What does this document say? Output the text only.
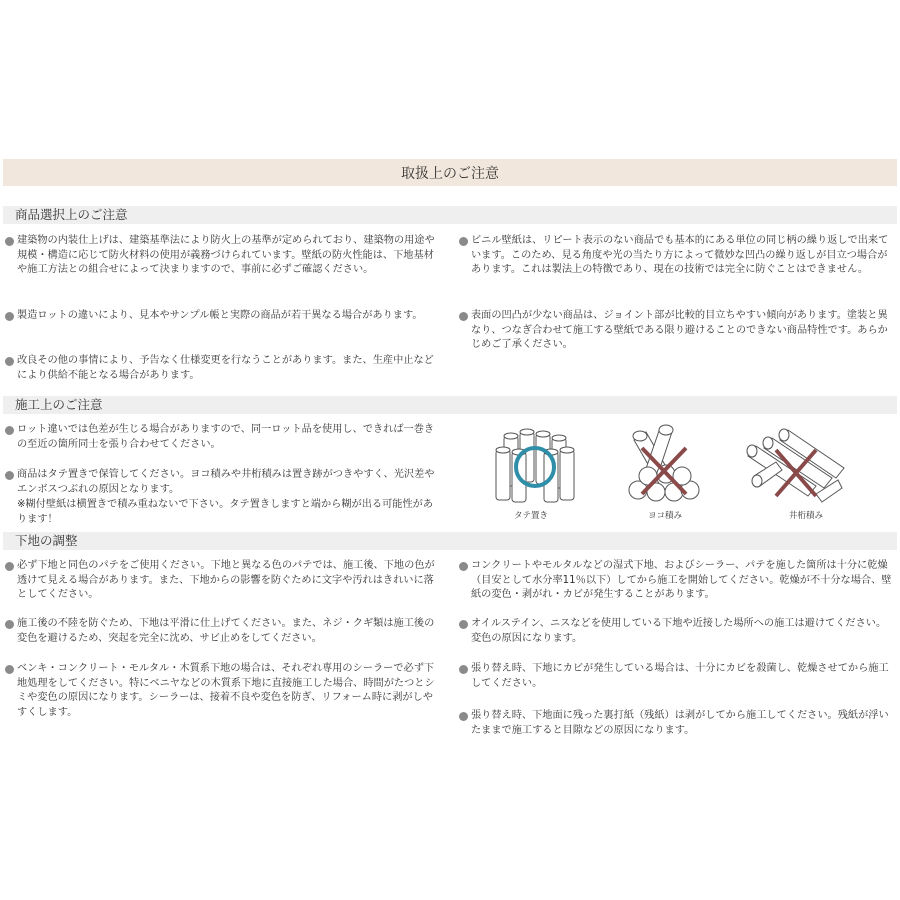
取扱上のご注意
商品選択上のご注意
建築物の内装仕上げは、建築基準法により防火上の基準が定められており、建築物の用途や規模・構造に応じて防火材料の使用が義務づけられています。壁紙の防火性能は、下地基材や施工方法との組合せによって決まりますので、事前に必ずご確認ください。
製造ロットの違いにより、見本やサンプル帳と実際の商品が若干異なる場合があります。
改良その他の事情により、予告なく仕様変更を行なうことがあります。また、生産中止などにより供給不能となる場合があります。
ビニル壁紙は、リピート表示のない商品でも基本的にある単位の同じ柄の繰り返しで出来ています。このため、見る角度や光の当たり方によって微妙な凹凸の繰り返しが目立つ場合があります。これは製法上の特徴であり、現在の技術では完全に防ぐことはできません。
表面の凹凸が少ない商品は、ジョイント部が比較的目立ちやすい傾向があります。塗装と異なり、つなぎ合わせて施工する壁紙である限り避けることのできない商品特性です。あらかじめご了承ください。
施工上のご注意
ロット違いでは色差が生じる場合がありますので、同一ロット品を使用し、できれば一巻きの至近の箇所同士を張り合わせてください。
商品はタテ置きで保管してください。ヨコ積みや井桁積みは置き跡がつきやすく、光沢差やエンボスつぶれの原因となります。
※糊付壁紙は横置きで積み重ねないで下さい。タテ置きしますと端から糊が出る可能性があります！	タテ置き	ヨコ積み	井桁積み
下地の調整
必ず下地と同色のパテをご使用ください。下地と異なる色のパテでは、施工後、下地の色が透けて見える場合があります。また、下地からの影響を防ぐために文字や汚れはきれいに落としてください。
施工後の不陸を防ぐため、下地は平滑に仕上げてください。また、ネジ・クギ類は施工後の変色を避けるため、突起を完全に沈め、サビ止めをしてください。
ベンキ・コンクリート・モルタル・木質系下地の場合は、それぞれ専用のシーラーで必ず下地処理をしてください。特にベニヤなどの木質系下地に直接施工した場合、時間がたつとシミや変色の原因になります。シーラーは、接着不良や変色を防ぎ、リフォーム時に剥がしやすくします。
コンクリートやモルタルなどの湿式下地、およびシーラー、パテを施した箇所は十分に乾燥（目安として水分率11％以下）してから施工を開始してください。乾燥が不十分な場合、壁紙の変色・剥がれ・カビが発生することがあります。
オイルステイン、ニスなどを使用している下地や近接した場所への施工は避けてください。変色の原因になります。
張り替え時、下地にカビが発生している場合は、十分にカビを殺菌し、乾燥させてから施工してください。
張り替え時、下地面に残った裏打紙（残紙）は剥がしてから施工してください。残紙が浮いたままで施工すると目隙などの原因になります。
